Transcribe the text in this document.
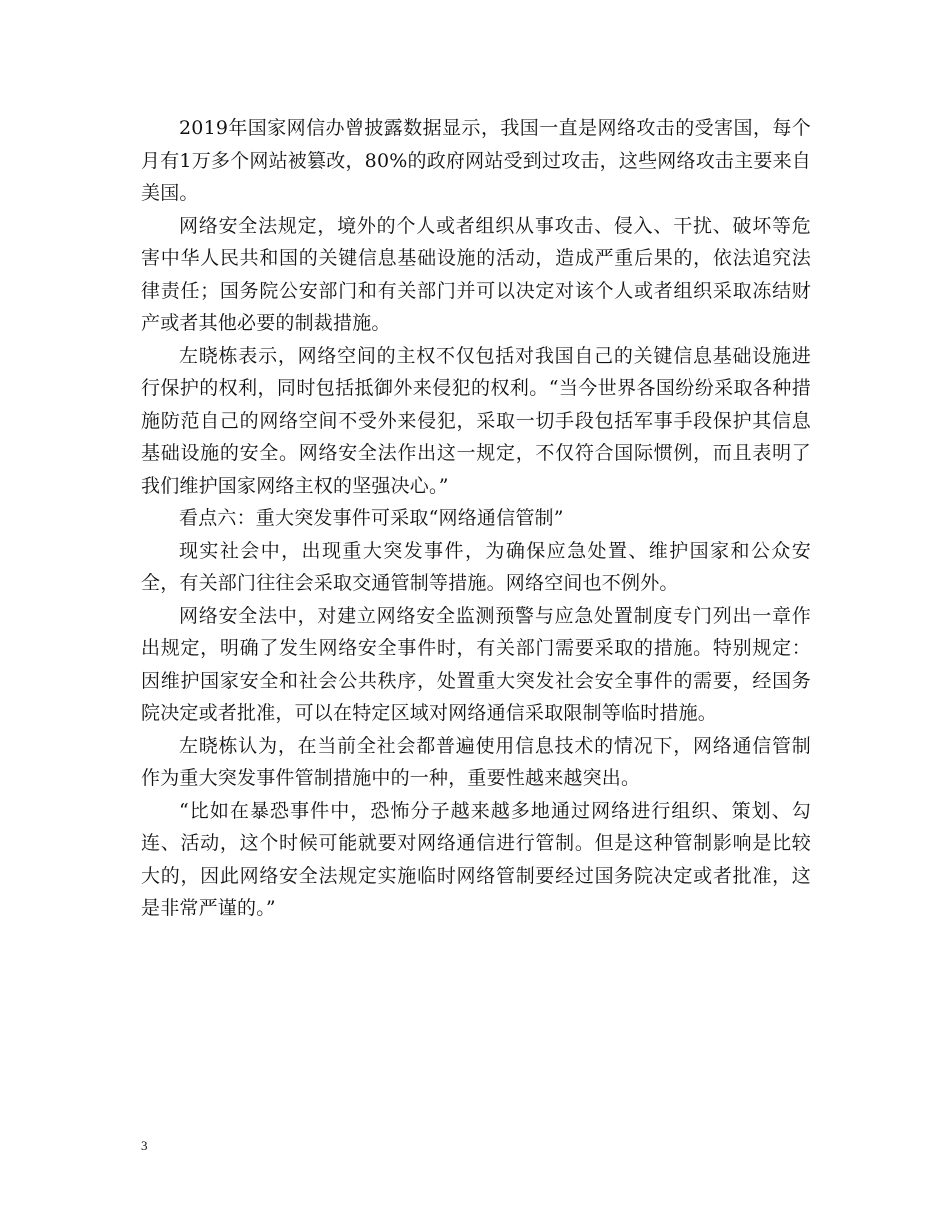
2019年国家网信办曾披露数据显示，我国一直是网络攻击的受害国，每个月有1万多个网站被篡改，80%的政府网站受到过攻击，这些网络攻击主要来自美国。

网络安全法规定，境外的个人或者组织从事攻击、侵入、干扰、破坏等危害中华人民共和国的关键信息基础设施的活动，造成严重后果的，依法追究法律责任；国务院公安部门和有关部门并可以决定对该个人或者组织采取冻结财产或者其他必要的制裁措施。

左晓栋表示，网络空间的主权不仅包括对我国自己的关键信息基础设施进行保护的权利，同时包括抵御外来侵犯的权利。“当今世界各国纷纷采取各种措施防范自己的网络空间不受外来侵犯，采取一切手段包括军事手段保护其信息基础设施的安全。网络安全法作出这一规定，不仅符合国际惯例，而且表明了我们维护国家网络主权的坚强决心。”

看点六：重大突发事件可采取“网络通信管制”

现实社会中，出现重大突发事件，为确保应急处置、维护国家和公众安全，有关部门往往会采取交通管制等措施。网络空间也不例外。

网络安全法中，对建立网络安全监测预警与应急处置制度专门列出一章作出规定，明确了发生网络安全事件时，有关部门需要采取的措施。特别规定：因维护国家安全和社会公共秩序，处置重大突发社会安全事件的需要，经国务院决定或者批准，可以在特定区域对网络通信采取限制等临时措施。

左晓栋认为，在当前全社会都普遍使用信息技术的情况下，网络通信管制作为重大突发事件管制措施中的一种，重要性越来越突出。

“比如在暴恐事件中，恐怖分子越来越多地通过网络进行组织、策划、勾连、活动，这个时候可能就要对网络通信进行管制。但是这种管制影响是比较大的，因此网络安全法规定实施临时网络管制要经过国务院决定或者批准，这是非常严谨的。”

3
